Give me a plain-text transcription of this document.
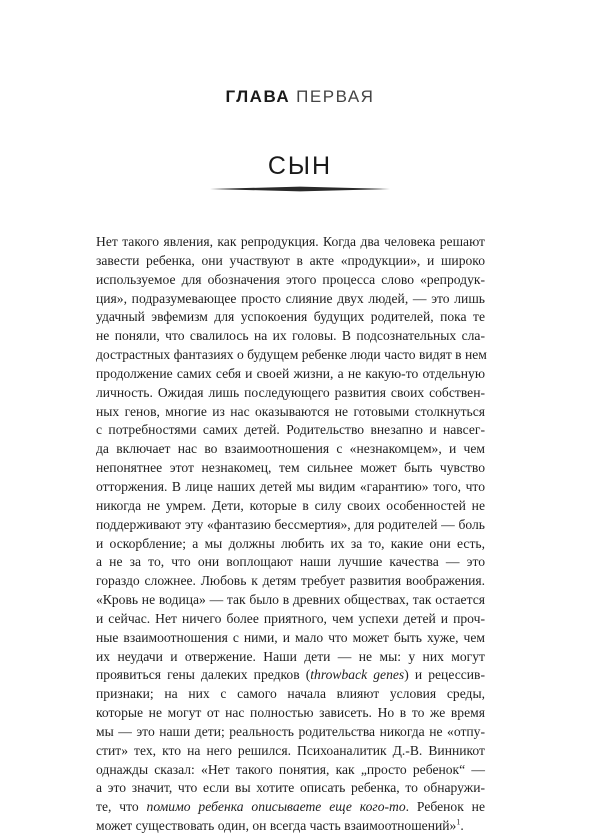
ГЛАВА ПЕРВАЯ
СЫН
Нет такого явления, как репродукция. Когда два человека решают
завести ребенка, они участвуют в акте «продукции», и широко
используемое для обозначения этого процесса слово «репродук-
ция», подразумевающее просто слияние двух людей, — это лишь
удачный эвфемизм для успокоения будущих родителей, пока те
не поняли, что свалилось на их головы. В подсознательных сла-
дострастных фантазиях о будущем ребенке люди часто видят в нем
продолжение самих себя и своей жизни, а не какую-то отдельную
личность. Ожидая лишь последующего развития своих собствен-
ных генов, многие из нас оказываются не готовыми столкнуться
с потребностями самих детей. Родительство внезапно и навсег-
да включает нас во взаимоотношения с «незнакомцем», и чем
непонятнее этот незнакомец, тем сильнее может быть чувство
отторжения. В лице наших детей мы видим «гарантию» того, что
никогда не умрем. Дети, которые в силу своих особенностей не
поддерживают эту «фантазию бессмертия», для родителей — боль
и оскорбление; а мы должны любить их за то, какие они есть,
а не за то, что они воплощают наши лучшие качества — это
гораздо сложнее. Любовь к детям требует развития воображения.
«Кровь не водица» — так было в древних обществах, так остается
и сейчас. Нет ничего более приятного, чем успехи детей и проч-
ные взаимоотношения с ними, и мало что может быть хуже, чем
их неудачи и отвержение. Наши дети — не мы: у них могут
проявиться гены далеких предков (throwback genes) и рецессив-
признаки; на них с самого начала влияют условия среды,
которые не могут от нас полностью зависеть. Но в то же время
мы — это наши дети; реальность родительства никогда не «отпу-
стит» тех, кто на него решился. Психоаналитик Д.-В. Винникот
однажды сказал: «Нет такого понятия, как „просто ребенок“ —
а это значит, что если вы хотите описать ребенка, то обнаружи-
те, что помимо ребенка описываете еще кого-то. Ребенок не
может существовать один, он всегда часть взаимоотношений»$^1$.
